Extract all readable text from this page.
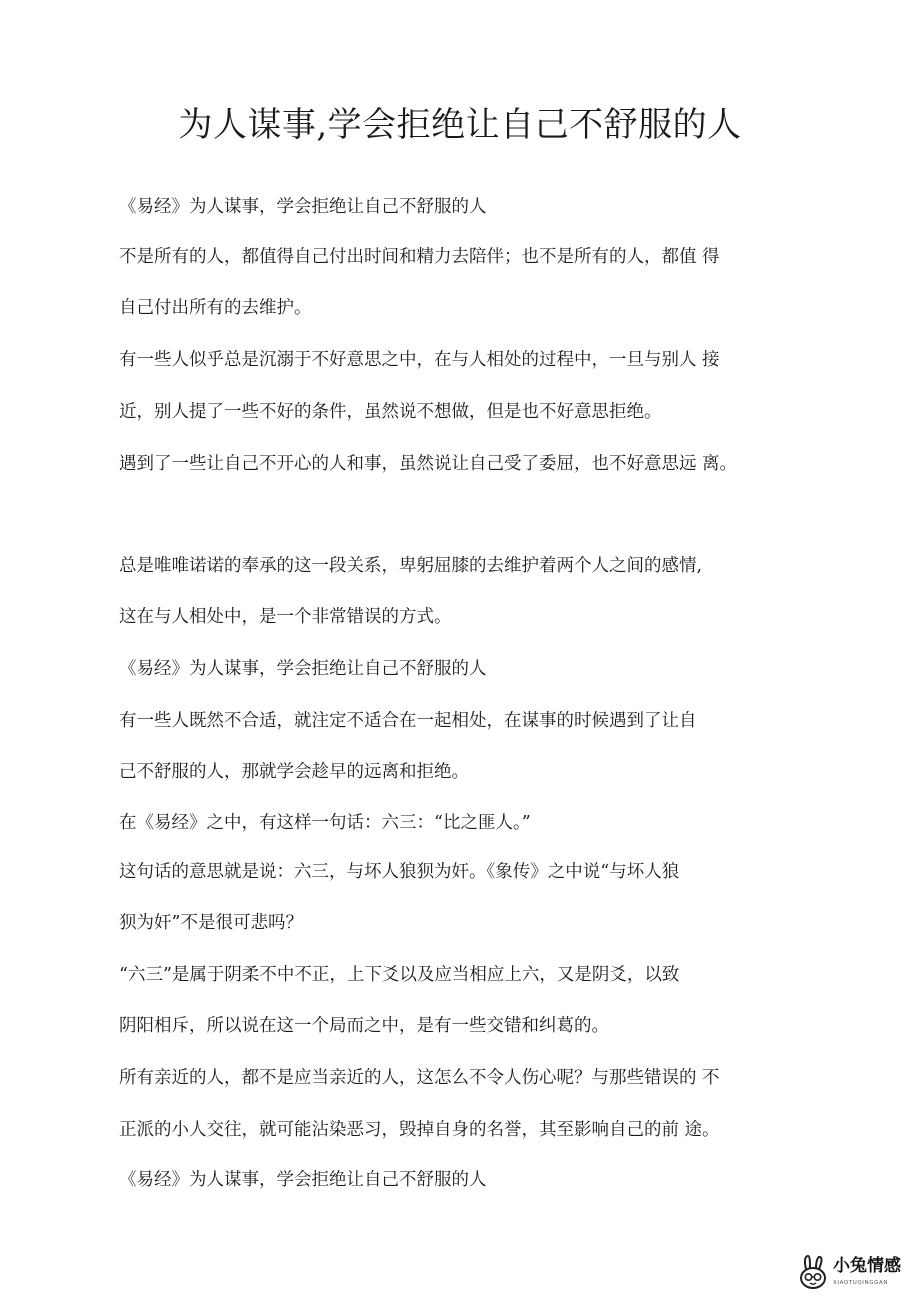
为人谋事,学会拒绝让自己不舒服的人

《易经》为人谋事，学会拒绝让自己不舒服的人

不是所有的人，都值得自己付出时间和精力去陪伴；也不是所有的人，都值 得

自己付出所有的去维护。

有一些人似乎总是沉溺于不好意思之中，在与人相处的过程中，一旦与别人 接

近，别人提了一些不好的条件，虽然说不想做，但是也不好意思拒绝。

遇到了一些让自己不开心的人和事，虽然说让自己受了委屈，也不好意思远 离。

总是唯唯诺诺的奉承的这一段关系，卑躬屈膝的去维护着两个人之间的感情,

这在与人相处中，是一个非常错误的方式。

《易经》为人谋事，学会拒绝让自己不舒服的人

有一些人既然不合适，就注定不适合在一起相处，在谋事的时候遇到了让自

己不舒服的人，那就学会趁早的远离和拒绝。

在《易经》之中，有这样一句话：六三：“比之匪人。”

这句话的意思就是说：六三，与坏人狼狈为奸。《象传》之中说“与坏人狼

狈为奸”不是很可悲吗？

“六三”是属于阴柔不中不正，上下爻以及应当相应上六，又是阴爻，以致

阴阳相斥，所以说在这一个局而之中，是有一些交错和纠葛的。

所有亲近的人，都不是应当亲近的人，这怎么不令人伤心呢？与那些错误的 不

正派的小人交往，就可能沾染恶习，毁掉自身的名誉，其至影响自己的前 途。

《易经》为人谋事，学会拒绝让自己不舒服的人

小兔情感
XIAOTUQINGGAN
